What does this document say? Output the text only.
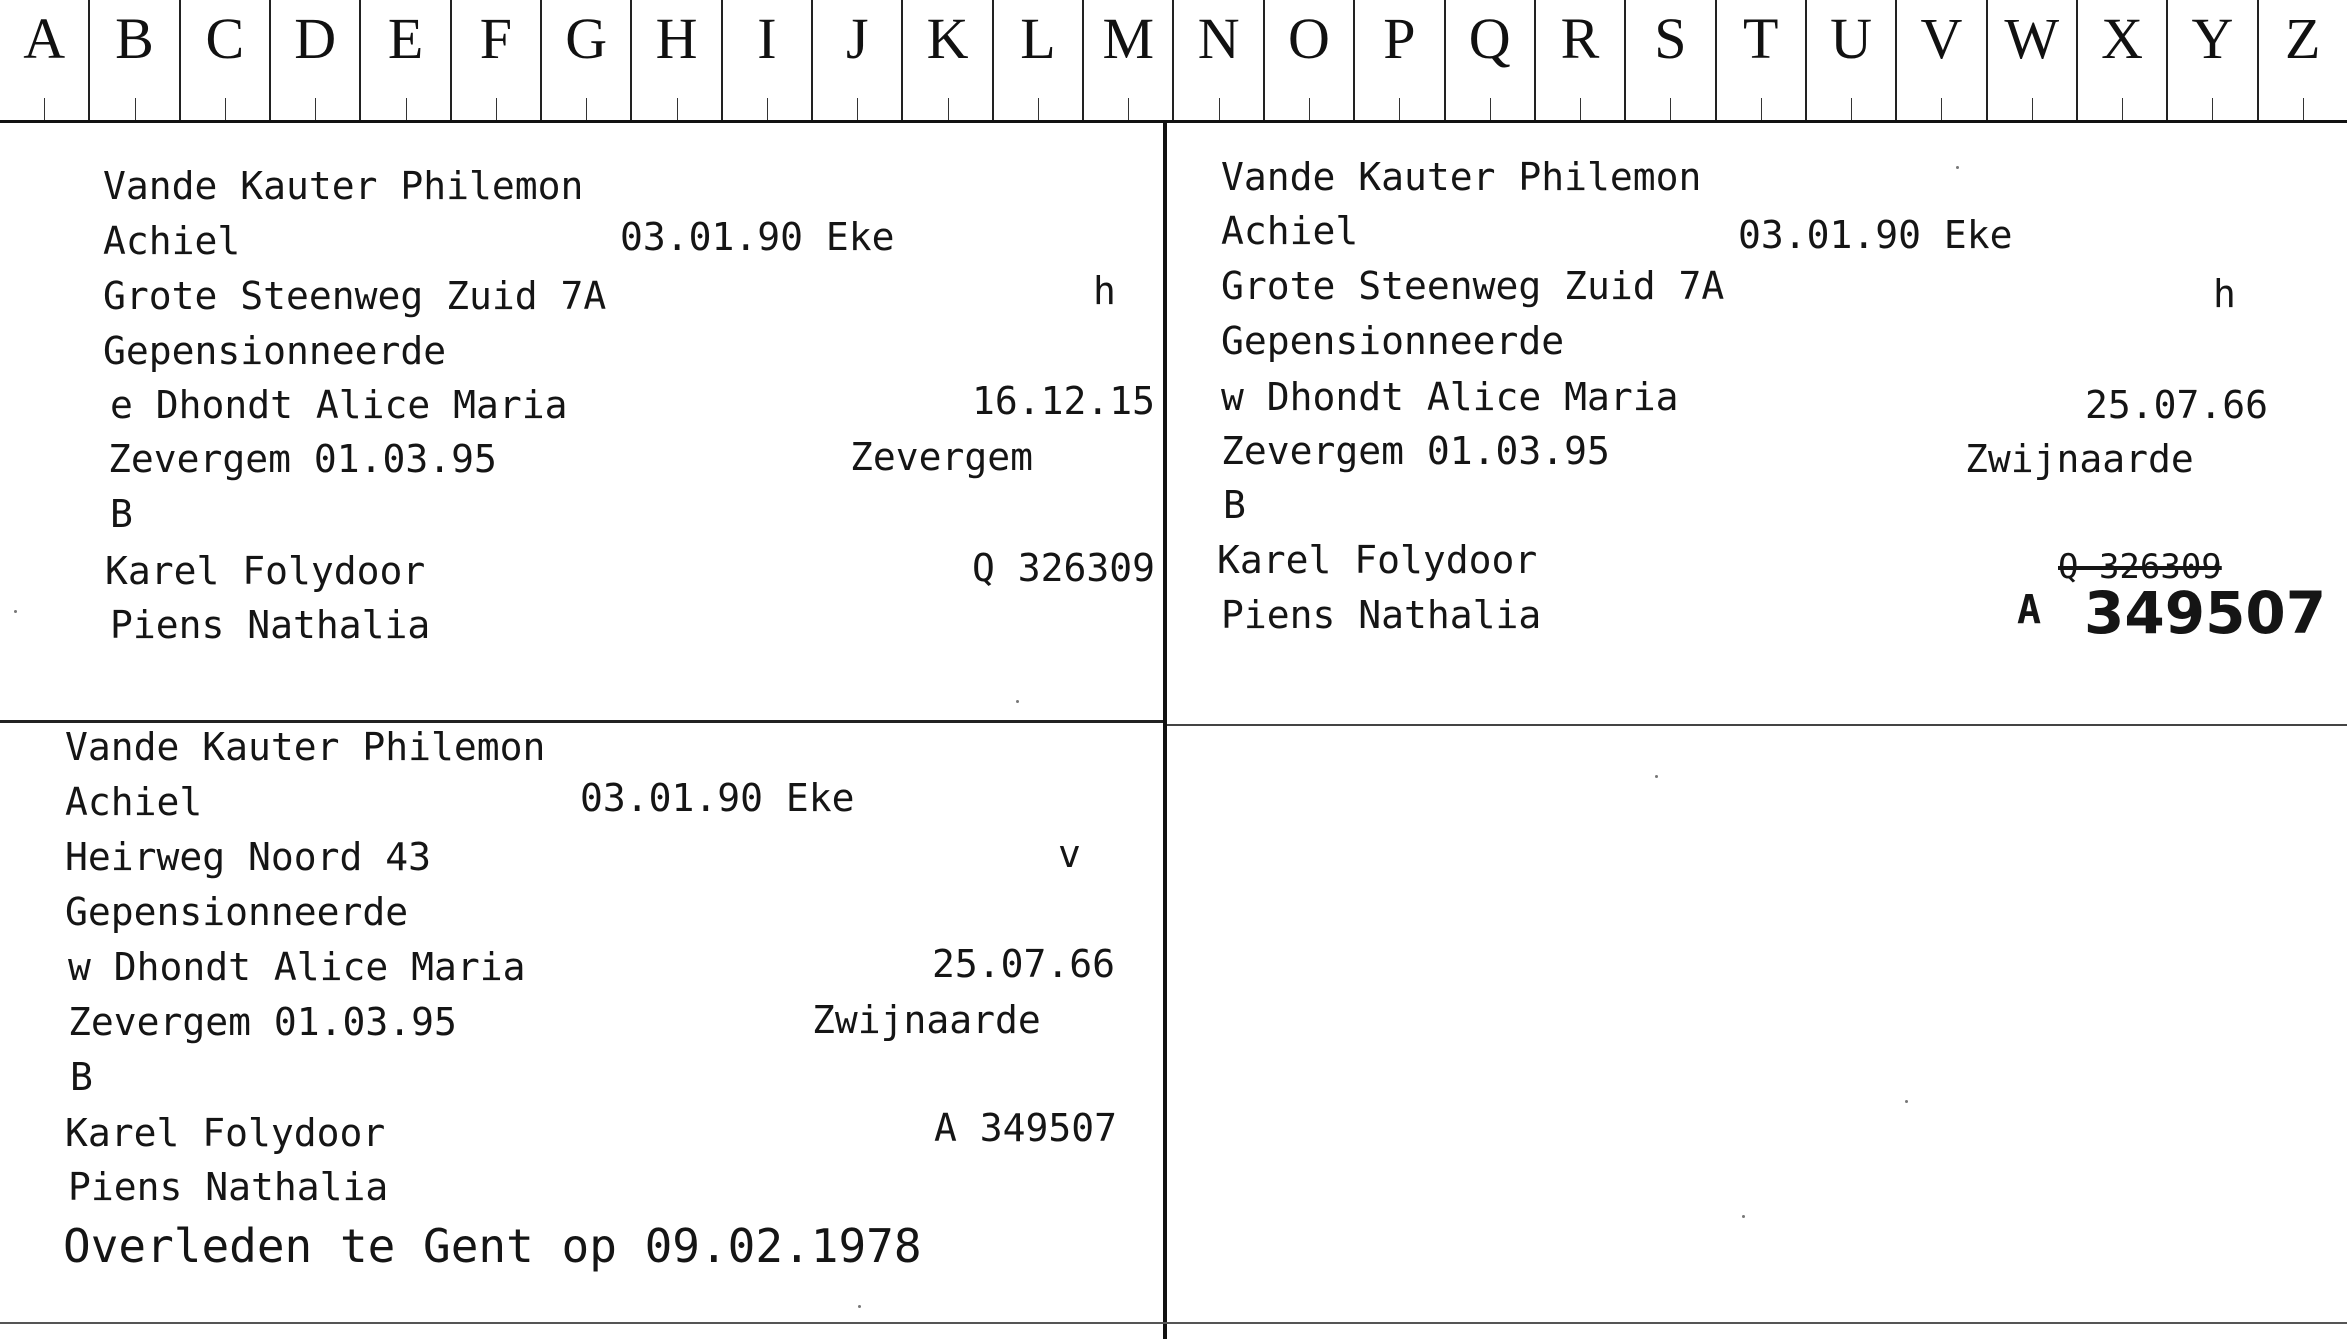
A B C D E F G H	I	J	K L M N O P Q R S T U V W X Y Z
Vande Kauter Philemon
Achiel	03.01.90 Eke
Grote Steenweg Zuid 7A	h
Gepensionneerde
e Dhondt Alice Maria	16.12.15
Zevergem 01.03.95	Zevergem
B
Karel Folydoor	Q 326309
Piens Nathalia
Vande Kauter Philemon
Achiel	03.01.90 Eke
Grote Steenweg Zuid 7A	h
Gepensionneerde
w Dhondt Alice Maria	25.07.66
Zevergem 01.03.95	Zwijnaarde
B
Karel Folydoor	Q 326309
Piens Nathalia	A 349507
Vande Kauter Philemon
Achiel	03.01.90 Eke
Heirweg Noord 43	v
Gepensionneerde
w Dhondt Alice Maria	25.07.66
Zevergem 01.03.95	Zwijnaarde
B
Karel Folydoor	A 349507
Piens Nathalia
Overleden te Gent op 09.02.1978
